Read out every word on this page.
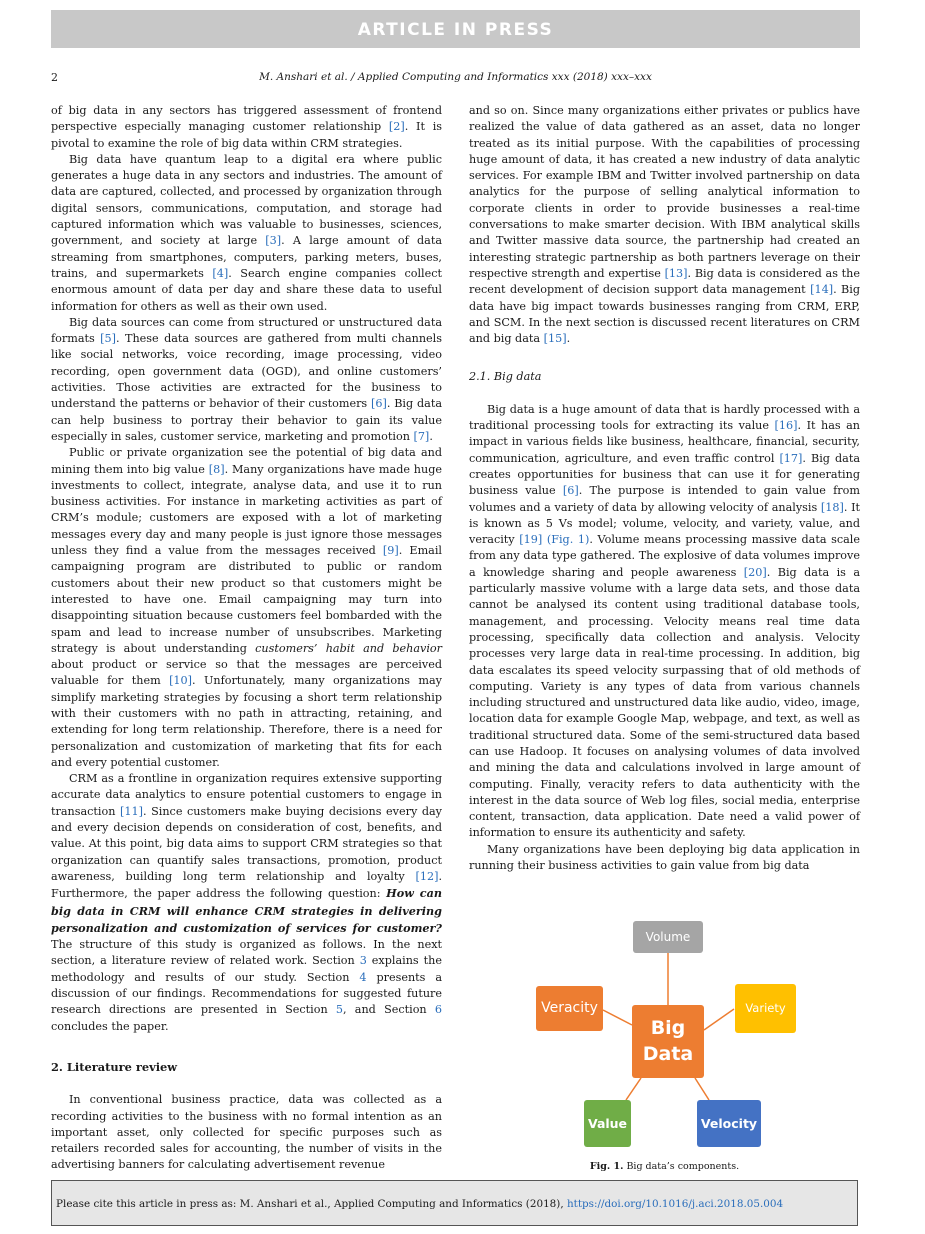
ARTICLE IN PRESS
2	M. Anshari et al. / Applied Computing and Informatics xxx (2018) xxx–xxx

of big data in any sectors has triggered assessment of frontend perspective especially managing customer relationship [2]. It is pivotal to examine the role of big data within CRM strategies.

Big data have quantum leap to a digital era where public generates a huge data in any sectors and industries. The amount of data are captured, collected, and processed by organization through digital sensors, communications, computation, and storage had captured information which was valuable to businesses, sciences, government, and society at large [3]. A large amount of data streaming from smartphones, computers, parking meters, buses, trains, and supermarkets [4]. Search engine companies collect enormous amount of data per day and share these data to useful information for others as well as their own used.

Big data sources can come from structured or unstructured data formats [5]. These data sources are gathered from multi channels like social networks, voice recording, image processing, video recording, open government data (OGD), and online customers’ activities. Those activities are extracted for the business to understand the patterns or behavior of their customers [6]. Big data can help business to portray their behavior to gain its value especially in sales, customer service, marketing and promotion [7].

Public or private organization see the potential of big data and mining them into big value [8]. Many organizations have made huge investments to collect, integrate, analyse data, and use it to run business activities. For instance in marketing activities as part of CRM’s module; customers are exposed with a lot of marketing messages every day and many people is just ignore those messages unless they find a value from the messages received [9]. Email campaigning program are distributed to public or random customers about their new product so that customers might be interested to have one. Email campaigning may turn into disappointing situation because customers feel bombarded with the spam and lead to increase number of unsubscribes. Marketing strategy is about understanding customers’ habit and behavior about product or service so that the messages are perceived valuable for them [10]. Unfortunately, many organizations may simplify marketing strategies by focusing a short term relationship with their customers with no path in attracting, retaining, and extending for long term relationship. Therefore, there is a need for personalization and customization of marketing that fits for each and every potential customer.

CRM as a frontline in organization requires extensive supporting accurate data analytics to ensure potential customers to engage in transaction [11]. Since customers make buying decisions every day and every decision depends on consideration of cost, benefits, and value. At this point, big data aims to support CRM strategies so that organization can quantify sales transactions, promotion, product awareness, building long term relationship and loyalty [12]. Furthermore, the paper address the following question: How can big data in CRM will enhance CRM strategies in delivering personalization and customization of services for customer? The structure of this study is organized as follows. In the next section, a literature review of related work. Section 3 explains the methodology and results of our study. Section 4 presents a discussion of our findings. Recommendations for suggested future research directions are presented in Section 5, and Section 6 concludes the paper.

2. Literature review

In conventional business practice, data was collected as a recording activities to the business with no formal intention as an important asset, only collected for specific purposes such as retailers recorded sales for accounting, the number of visits in the advertising banners for calculating advertisement revenue

and so on. Since many organizations either privates or publics have realized the value of data gathered as an asset, data no longer treated as its initial purpose. With the capabilities of processing huge amount of data, it has created a new industry of data analytic services. For example IBM and Twitter involved partnership on data analytics for the purpose of selling analytical information to corporate clients in order to provide businesses a real-time conversations to make smarter decision. With IBM analytical skills and Twitter massive data source, the partnership had created an interesting strategic partnership as both partners leverage on their respective strength and expertise [13]. Big data is considered as the recent development of decision support data management [14]. Big data have big impact towards businesses ranging from CRM, ERP, and SCM. In the next section is discussed recent literatures on CRM and big data [15].

2.1. Big data

Big data is a huge amount of data that is hardly processed with a traditional processing tools for extracting its value [16]. It has an impact in various fields like business, healthcare, financial, security, communication, agriculture, and even traffic control [17]. Big data creates opportunities for business that can use it for generating business value [6]. The purpose is intended to gain value from volumes and a variety of data by allowing velocity of analysis [18]. It is known as 5 Vs model; volume, velocity, and variety, value, and veracity [19] (Fig. 1). Volume means processing massive data scale from any data type gathered. The explosive of data volumes improve a knowledge sharing and people awareness [20]. Big data is a particularly massive volume with a large data sets, and those data cannot be analysed its content using traditional database tools, management, and processing. Velocity means real time data processing, specifically data collection and analysis. Velocity processes very large data in real-time processing. In addition, big data escalates its speed velocity surpassing that of old methods of computing. Variety is any types of data from various channels including structured and unstructured data like audio, video, image, location data for example Google Map, webpage, and text, as well as traditional structured data. Some of the semi-structured data based can use Hadoop. It focuses on analysing volumes of data involved and mining the data and calculations involved in large amount of computing. Finally, veracity refers to data authenticity with the interest in the data source of Web log files, social media, enterprise content, transaction, data application. Date need a valid power of information to ensure its authenticity and safety.

Many organizations have been deploying big data application in running their business activities to gain value from big data

Volume
Variety
Veracity
Big
Data
Value	Velocity
Fig. 1. Big data’s components.
Please cite this article in press as: M. Anshari et al., Applied Computing and Informatics (2018), https://doi.org/10.1016/j.aci.2018.05.004
